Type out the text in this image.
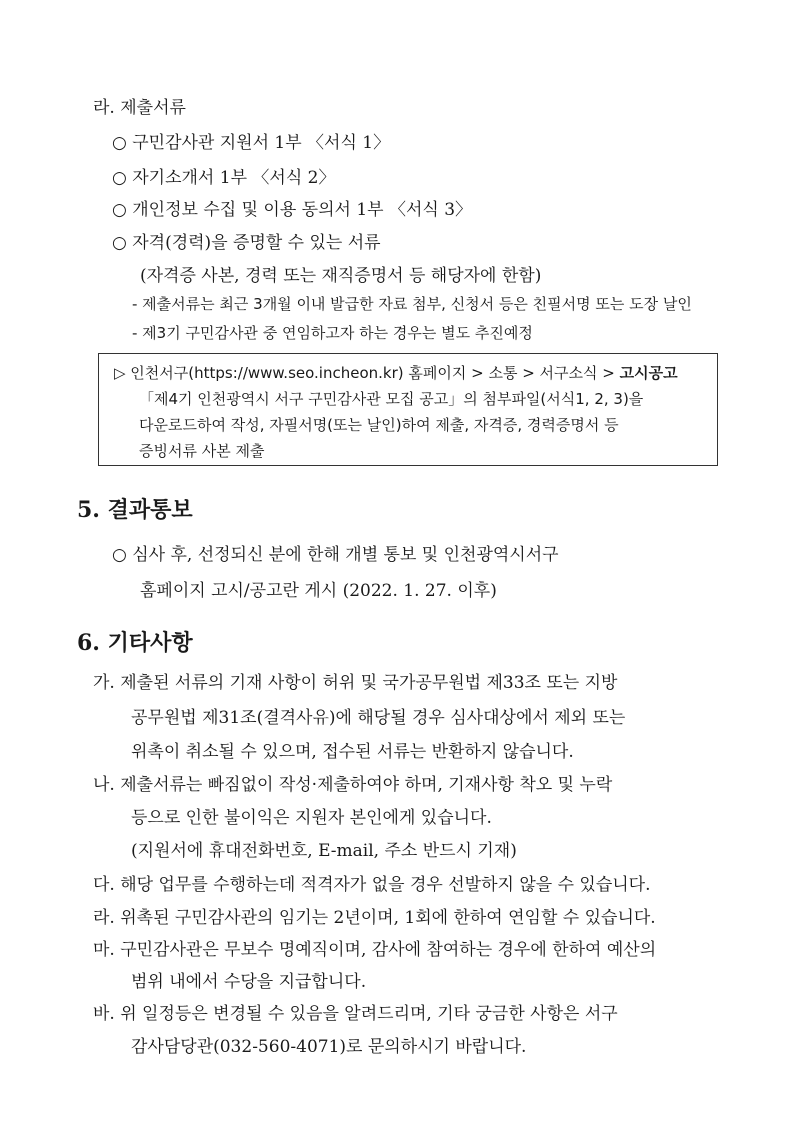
라. 제출서류
○ 구민감사관 지원서 1부 〈서식 1〉
○ 자기소개서 1부 〈서식 2〉
○ 개인정보 수집 및 이용 동의서 1부 〈서식 3〉
○ 자격(경력)을 증명할 수 있는 서류
(자격증 사본, 경력 또는 재직증명서 등 해당자에 한함)
- 제출서류는 최근 3개월 이내 발급한 자료 첨부, 신청서 등은 친필서명 또는 도장 날인
- 제3기 구민감사관 중 연임하고자 하는 경우는 별도 추진예정
▷ 인천서구(https://www.seo.incheon.kr) 홈페이지 > 소통 > 서구소식 > 고시공고
「제4기 인천광역시 서구 구민감사관 모집 공고」의 첨부파일(서식1, 2, 3)을
다운로드하여 작성, 자필서명(또는 날인)하여 제출, 자격증, 경력증명서 등
증빙서류 사본 제출
5. 결과통보
○ 심사 후, 선정되신 분에 한해 개별 통보 및 인천광역시서구
홈페이지 고시/공고란 게시 (2022. 1. 27. 이후)
6. 기타사항
가. 제출된 서류의 기재 사항이 허위 및 국가공무원법 제33조 또는 지방
공무원법 제31조(결격사유)에 해당될 경우 심사대상에서 제외 또는
위촉이 취소될 수 있으며, 접수된 서류는 반환하지 않습니다.
나. 제출서류는 빠짐없이 작성·제출하여야 하며, 기재사항 착오 및 누락
등으로 인한 불이익은 지원자 본인에게 있습니다.
(지원서에 휴대전화번호, E-mail, 주소 반드시 기재)
다. 해당 업무를 수행하는데 적격자가 없을 경우 선발하지 않을 수 있습니다.
라. 위촉된 구민감사관의 임기는 2년이며, 1회에 한하여 연임할 수 있습니다.
마. 구민감사관은 무보수 명예직이며, 감사에 참여하는 경우에 한하여 예산의
범위 내에서 수당을 지급합니다.
바. 위 일정등은 변경될 수 있음을 알려드리며, 기타 궁금한 사항은 서구
감사담당관(032-560-4071)로 문의하시기 바랍니다.
